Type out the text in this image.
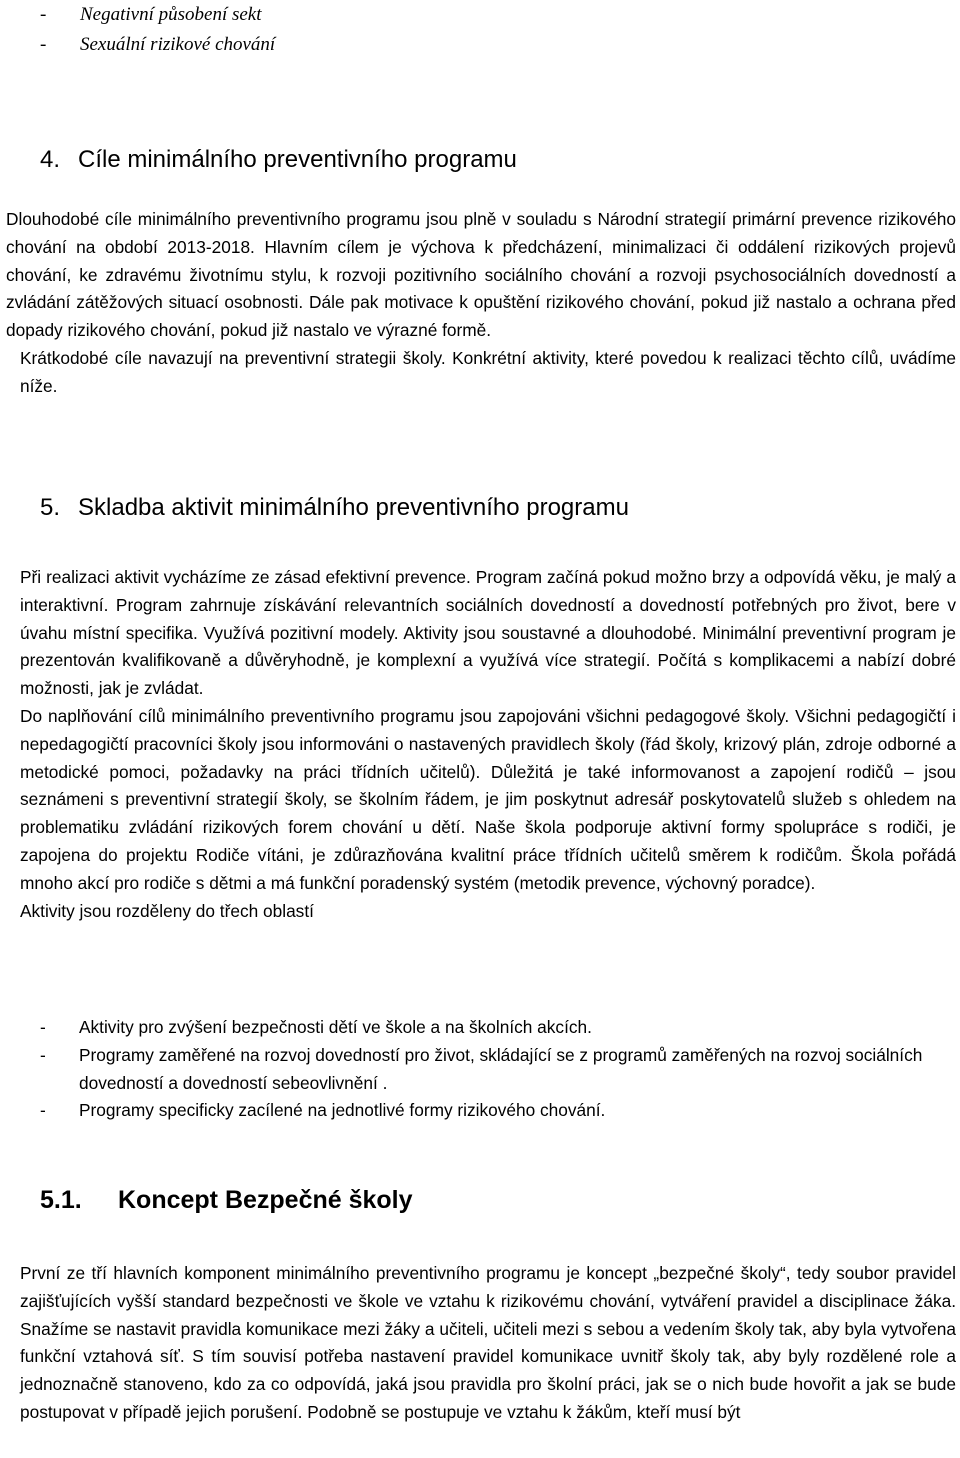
- Negativní působení sekt
- Sexuální rizikové chování
4. Cíle minimálního preventivního programu

Dlouhodobé cíle minimálního preventivního programu jsou plně v souladu s Národní strategií primární prevence rizikového chování na období 2013-2018. Hlavním cílem je výchova k předcházení, minimalizaci či oddálení rizikových projevů chování, ke zdravému životnímu stylu, k rozvoji pozitivního sociálního chování a rozvoji psychosociálních dovedností a zvládání zátěžových situací osobnosti. Dále pak motivace k opuštění rizikového chování, pokud již nastalo a ochrana před dopady rizikového chování, pokud již nastalo ve výrazné formě.

Krátkodobé cíle navazují na preventivní strategii školy. Konkrétní aktivity, které povedou k realizaci těchto cílů, uvádíme níže.

5. Skladba aktivit minimálního preventivního programu

Při realizaci aktivit vycházíme ze zásad efektivní prevence. Program začíná pokud možno brzy a odpovídá věku, je malý a interaktivní. Program zahrnuje získávání relevantních sociálních dovedností a dovedností potřebných pro život, bere v úvahu místní specifika. Využívá pozitivní modely. Aktivity jsou soustavné a dlouhodobé. Minimální preventivní program je prezentován kvalifikovaně a důvěryhodně, je komplexní a využívá více strategií. Počítá s komplikacemi a nabízí dobré možnosti, jak je zvládat.

Do naplňování cílů minimálního preventivního programu jsou zapojováni všichni pedagogové školy. Všichni pedagogičtí i nepedagogičtí pracovníci školy jsou informováni o nastavených pravidlech školy (řád školy, krizový plán, zdroje odborné a metodické pomoci, požadavky na práci třídních učitelů). Důležitá je také informovanost a zapojení rodičů – jsou seznámeni s preventivní strategií školy, se školním řádem, je jim poskytnut adresář poskytovatelů služeb s ohledem na problematiku zvládání rizikových forem chování u dětí. Naše škola podporuje aktivní formy spolupráce s rodiči, je zapojena do projektu Rodiče vítáni, je zdůrazňována kvalitní práce třídních učitelů směrem k rodičům. Škola pořádá mnoho akcí pro rodiče s dětmi a má funkční poradenský systém (metodik prevence, výchovný poradce).

Aktivity jsou rozděleny do třech oblastí

-	Aktivity pro zvýšení bezpečnosti dětí ve škole a na školních akcích.
-	Programy zaměřené na rozvoj dovedností pro život, skládající se z programů zaměřených na rozvoj sociálních dovedností a dovedností sebeovlivnění .
-	Programy specificky zacílené na jednotlivé formy rizikového chování.
5.1. Koncept Bezpečné školy

První ze tří hlavních komponent minimálního preventivního programu je koncept „bezpečné školy“, tedy soubor pravidel zajišťujících vyšší standard bezpečnosti ve škole ve vztahu k rizikovému chování, vytváření pravidel a disciplinace žáka. Snažíme se nastavit pravidla komunikace mezi žáky a učiteli, učiteli mezi s sebou a vedením školy tak, aby byla vytvořena funkční vztahová síť. S tím souvisí potřeba nastavení pravidel komunikace uvnitř školy tak, aby byly rozdělené role a jednoznačně stanoveno, kdo za co odpovídá, jaká jsou pravidla pro školní práci, jak se o nich bude hovořit a jak se bude postupovat v případě jejich porušení. Podobně se postupuje ve vztahu k žákům, kteří musí být
